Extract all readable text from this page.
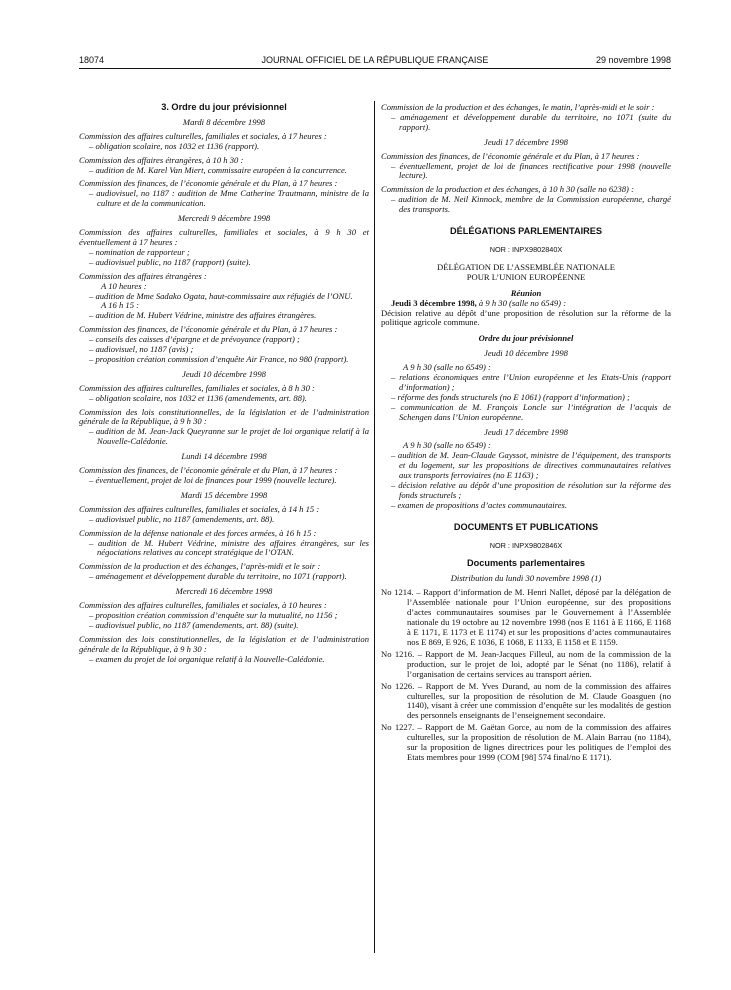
18074	JOURNAL OFFICIEL DE LA RÉPUBLIQUE FRANÇAISE	29 novembre 1998
3. Ordre du jour prévisionnel
Mardi 8 décembre 1998
Commission des affaires culturelles, familiales et sociales, à 17 heures :
– obligation scolaire, nos 1032 et 1136 (rapport).
Commission des affaires étrangères, à 10 h 30 :
– audition de M. Karel Van Miert, commissaire européen à la concurrence.
Commission des finances, de l’économie générale et du Plan, à 17 heures :
– audiovisuel, no 1187 : audition de Mme Catherine Trautmann, ministre de la culture et de la communication.
Mercredi 9 décembre 1998
Commission des affaires culturelles, familiales et sociales, à 9 h 30 et éventuellement à 17 heures :
– nomination de rapporteur ;
– audiovisuel public, no 1187 (rapport) (suite).
Commission des affaires étrangères :
A 10 heures :
– audition de Mme Sadako Ogata, haut-commissaire aux réfugiés de l’ONU.
A 16 h 15 :
– audition de M. Hubert Védrine, ministre des affaires étrangères.
Commission des finances, de l’économie générale et du Plan, à 17 heures :
– conseils des caisses d’épargne et de prévoyance (rapport) ;
– audiovisuel, no 1187 (avis) ;
– proposition création commission d’enquête Air France, no 980 (rapport).
Jeudi 10 décembre 1998
Commission des affaires culturelles, familiales et sociales, à 8 h 30 :
– obligation scolaire, nos 1032 et 1136 (amendements, art. 88).
Commission des lois constitutionnelles, de la législation et de l’administration générale de la République, à 9 h 30 :
– audition de M. Jean-Jack Queyranne sur le projet de loi organique relatif à la Nouvelle-Calédonie.
Lundi 14 décembre 1998
Commission des finances, de l’économie générale et du Plan, à 17 heures :
– éventuellement, projet de loi de finances pour 1999 (nouvelle lecture).
Mardi 15 décembre 1998
Commission des affaires culturelles, familiales et sociales, à 14 h 15 :
– audiovisuel public, no 1187 (amendements, art. 88).
Commission de la défense nationale et des forces armées, à 16 h 15 :
– audition de M. Hubert Védrine, ministre des affaires étrangères, sur les négociations relatives au concept stratégique de l’OTAN.
Commission de la production et des échanges, l’après-midi et le soir :
– aménagement et développement durable du territoire, no 1071 (rapport).
Mercredi 16 décembre 1998
Commission des affaires culturelles, familiales et sociales, à 10 heures :
– proposition création commission d’enquête sur la mutualité, no 1156 ;
– audiovisuel public, no 1187 (amendements, art. 88) (suite).
Commission des lois constitutionnelles, de la législation et de l’administration générale de la République, à 9 h 30 :
– examen du projet de loi organique relatif à la Nouvelle-Calédonie.
Commission de la production et des échanges, le matin, l’après-midi et le soir :
– aménagement et développement durable du territoire, no 1071 (suite du rapport).
Jeudi 17 décembre 1998
Commission des finances, de l’économie générale et du Plan, à 17 heures :
– éventuellement, projet de loi de finances rectificative pour 1998 (nouvelle lecture).
Commission de la production et des échanges, à 10 h 30 (salle no 6238) :
– audition de M. Neil Kinnock, membre de la Commission européenne, chargé des transports.
DÉLÉGATIONS PARLEMENTAIRES
NOR : INPX9802840X
DÉLÉGATION DE L’ASSEMBLÉE NATIONALE
POUR L’UNION EUROPÉENNE
Réunion
Jeudi 3 décembre 1998, à 9 h 30 (salle no 6549) :
Décision relative au dépôt d’une proposition de résolution sur la réforme de la politique agricole commune.
Ordre du jour prévisionnel
Jeudi 10 décembre 1998
A 9 h 30 (salle no 6549) :
– relations économiques entre l’Union européenne et les Etats-Unis (rapport d’information) ;
– réforme des fonds structurels (no E 1061) (rapport d’information) ;
– communication de M. François Loncle sur l’intégration de l’acquis de Schengen dans l’Union européenne.
Jeudi 17 décembre 1998
A 9 h 30 (salle no 6549) :
– audition de M. Jean-Claude Gayssot, ministre de l’équipement, des transports et du logement, sur les propositions de directives communautaires relatives aux transports ferroviaires (no E 1163) ;
– décision relative au dépôt d’une proposition de résolution sur la réforme des fonds structurels ;
– examen de propositions d’actes communautaires.
DOCUMENTS ET PUBLICATIONS
NOR : INPX9802846X
Documents parlementaires
Distribution du lundi 30 novembre 1998 (1)
No 1214. – Rapport d’information de M. Henri Nallet, déposé par la délégation de l’Assemblée nationale pour l’Union européenne, sur des propositions d’actes communautaires soumises par le Gouvernement à l’Assemblée nationale du 19 octobre au 12 novembre 1998 (nos E 1161 à E 1166, E 1168 à E 1171, E 1173 et E 1174) et sur les propositions d’actes communautaires nos E 869, E 926, E 1036, E 1068, E 1133, E 1158 et E 1159.
No 1216. – Rapport de M. Jean-Jacques Filleul, au nom de la commission de la production, sur le projet de loi, adopté par le Sénat (no 1186), relatif à l’organisation de certains services au transport aérien.
No 1226. – Rapport de M. Yves Durand, au nom de la commission des affaires culturelles, sur la proposition de résolution de M. Claude Goasguen (no 1140), visant à créer une commission d’enquête sur les modalités de gestion des personnels enseignants de l’enseignement secondaire.
No 1227. – Rapport de M. Gaëtan Gorce, au nom de la commission des affaires culturelles, sur la proposition de résolution de M. Alain Barrau (no 1184), sur la proposition de lignes directrices pour les politiques de l’emploi des Etats membres pour 1999 (COM [98] 574 final/no E 1171).
